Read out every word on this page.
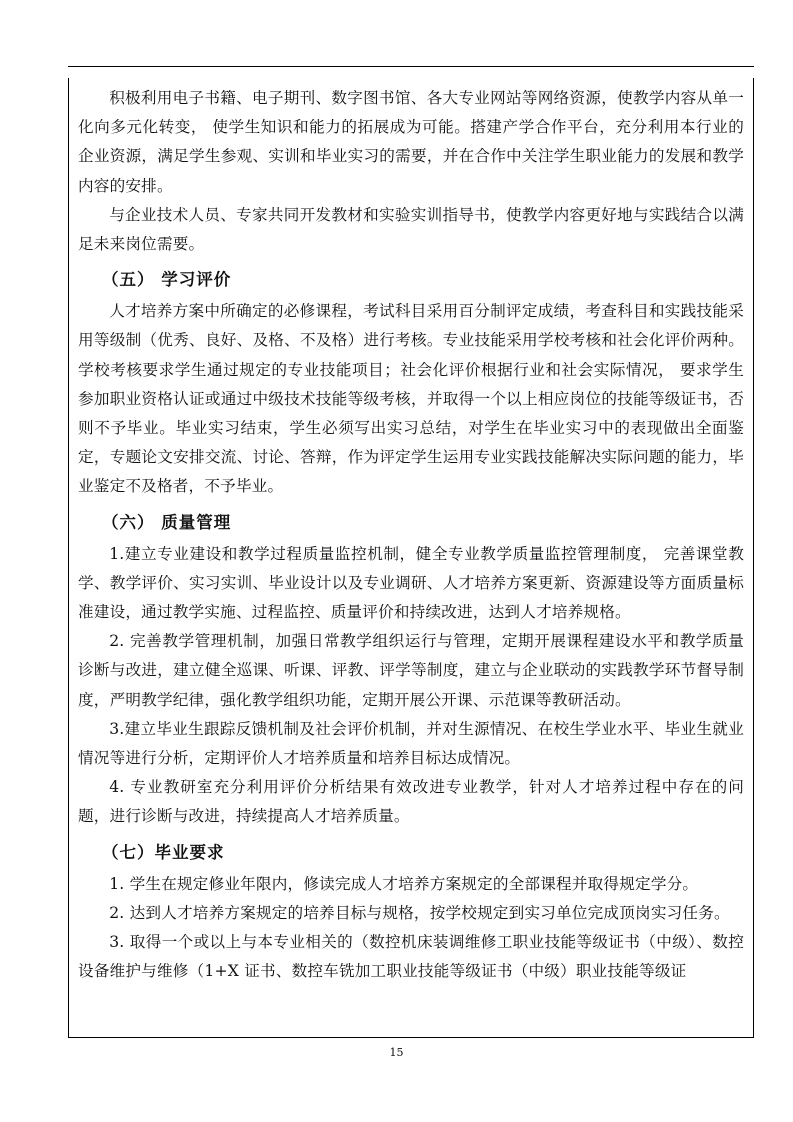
积极利用电子书籍、电子期刊、数字图书馆、各大专业网站等网络资源，使教学内容从单一化向多元化转变， 使学生知识和能力的拓展成为可能。搭建产学合作平台，充分利用本行业的企业资源，满足学生参观、实训和毕业实习的需要，并在合作中关注学生职业能力的发展和教学内容的安排。

与企业技术人员、专家共同开发教材和实验实训指导书，使教学内容更好地与实践结合以满足未来岗位需要。

（五） 学习评价

人才培养方案中所确定的必修课程，考试科目采用百分制评定成绩，考查科目和实践技能采用等级制（优秀、良好、及格、不及格）进行考核。专业技能采用学校考核和社会化评价两种。学校考核要求学生通过规定的专业技能项目；社会化评价根据行业和社会实际情况， 要求学生参加职业资格认证或通过中级技术技能等级考核，并取得一个以上相应岗位的技能等级证书，否则不予毕业。毕业实习结束，学生必须写出实习总结，对学生在毕业实习中的表现做出全面鉴定，专题论文安排交流、讨论、答辩，作为评定学生运用专业实践技能解决实际问题的能力，毕业鉴定不及格者，不予毕业。

（六） 质量管理

1.建立专业建设和教学过程质量监控机制，健全专业教学质量监控管理制度， 完善课堂教学、教学评价、实习实训、毕业设计以及专业调研、人才培养方案更新、资源建设等方面质量标准建设，通过教学实施、过程监控、质量评价和持续改进，达到人才培养规格。

2. 完善教学管理机制，加强日常教学组织运行与管理，定期开展课程建设水平和教学质量诊断与改进，建立健全巡课、听课、评教、评学等制度，建立与企业联动的实践教学环节督导制度，严明教学纪律，强化教学组织功能，定期开展公开课、示范课等教研活动。

3.建立毕业生跟踪反馈机制及社会评价机制，并对生源情况、在校生学业水平、毕业生就业情况等进行分析，定期评价人才培养质量和培养目标达成情况。

4. 专业教研室充分利用评价分析结果有效改进专业教学，针对人才培养过程中存在的问题，进行诊断与改进，持续提高人才培养质量。

（七）毕业要求

1. 学生在规定修业年限内，修读完成人才培养方案规定的全部课程并取得规定学分。

2. 达到人才培养方案规定的培养目标与规格，按学校规定到实习单位完成顶岗实习任务。

3. 取得一个或以上与本专业相关的（数控机床装调维修工职业技能等级证书（中级）、数控设备维护与维修（1+X 证书、数控车铣加工职业技能等级证书（中级）职业技能等级证

15
